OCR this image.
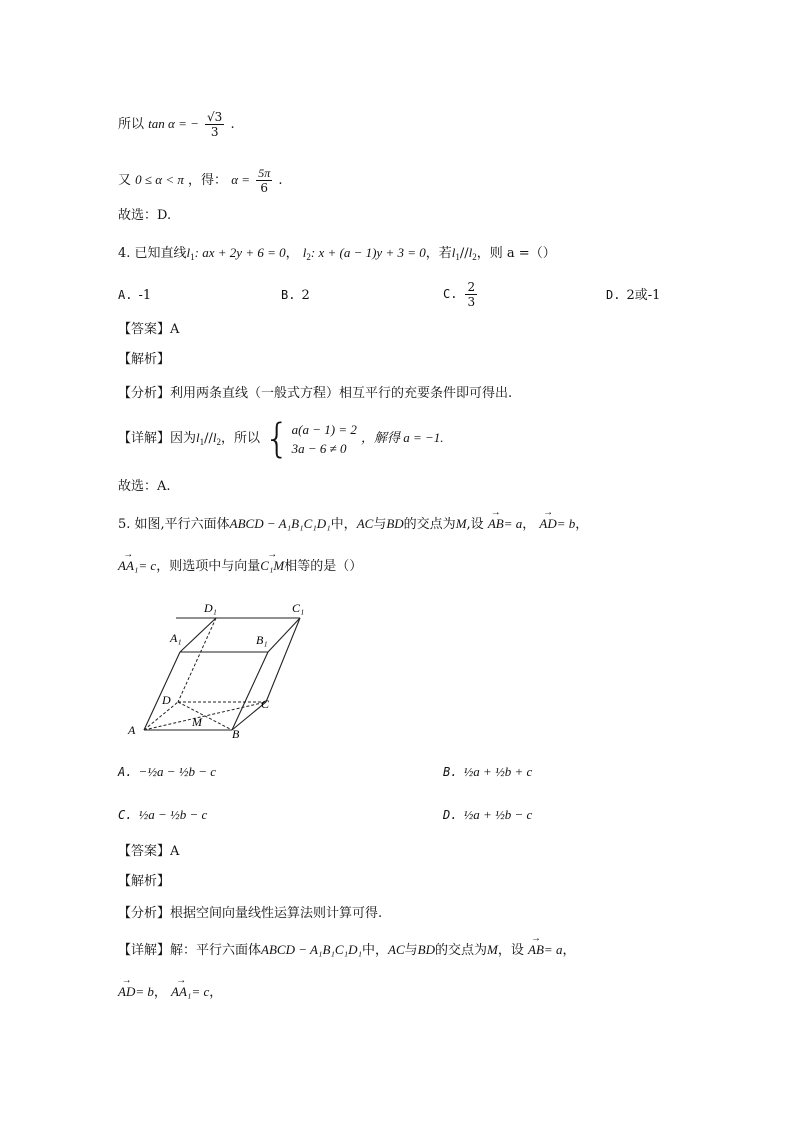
所以 tan α = − $\frac{√3}{3}$ .
又 0 ≤ α < π ，得： $\alpha = \frac{5\pi}{6}$ .
故选：D.
4. 已知直线$l_1$: ax + 2y + 6 = 0， $l_2$: x + (a − 1)y + 3 = 0，若$l_1//l_2$，则 a =（）
A. -1	B. 2	C. $\frac{2}{3}$	D. 2或-1
【答案】A
【解析】
【分析】利用两条直线（一般式方程）相互平行的充要条件即可得出.
【详解】因为$l_1//l_2$，所以 { a(a − 1) = 2
3a − 6 ≠ 0
，解得 a = −1.
故选：A.
5. 如图,平行六面体ABCD − A₁B₁C₁D₁中，AC与BD的交点为M,设 → AB= a， → AD= b，
→ AA₁= c，则选项中与向量→ C₁M相等的是（）
D₁	C₁
A₁	B₁
D	C
M
A	B
A. −½a − ½b − c	B. ½a + ½b + c
C. ½a − ½b − c	D. ½a + ½b − c
【答案】A
【解析】
【分析】根据空间向量线性运算法则计算可得.
【详解】解：平行六面体ABCD − A₁B₁C₁D₁中，AC与BD的交点为M，设 → AB= a，
→ AD= b， → AA₁= c，
